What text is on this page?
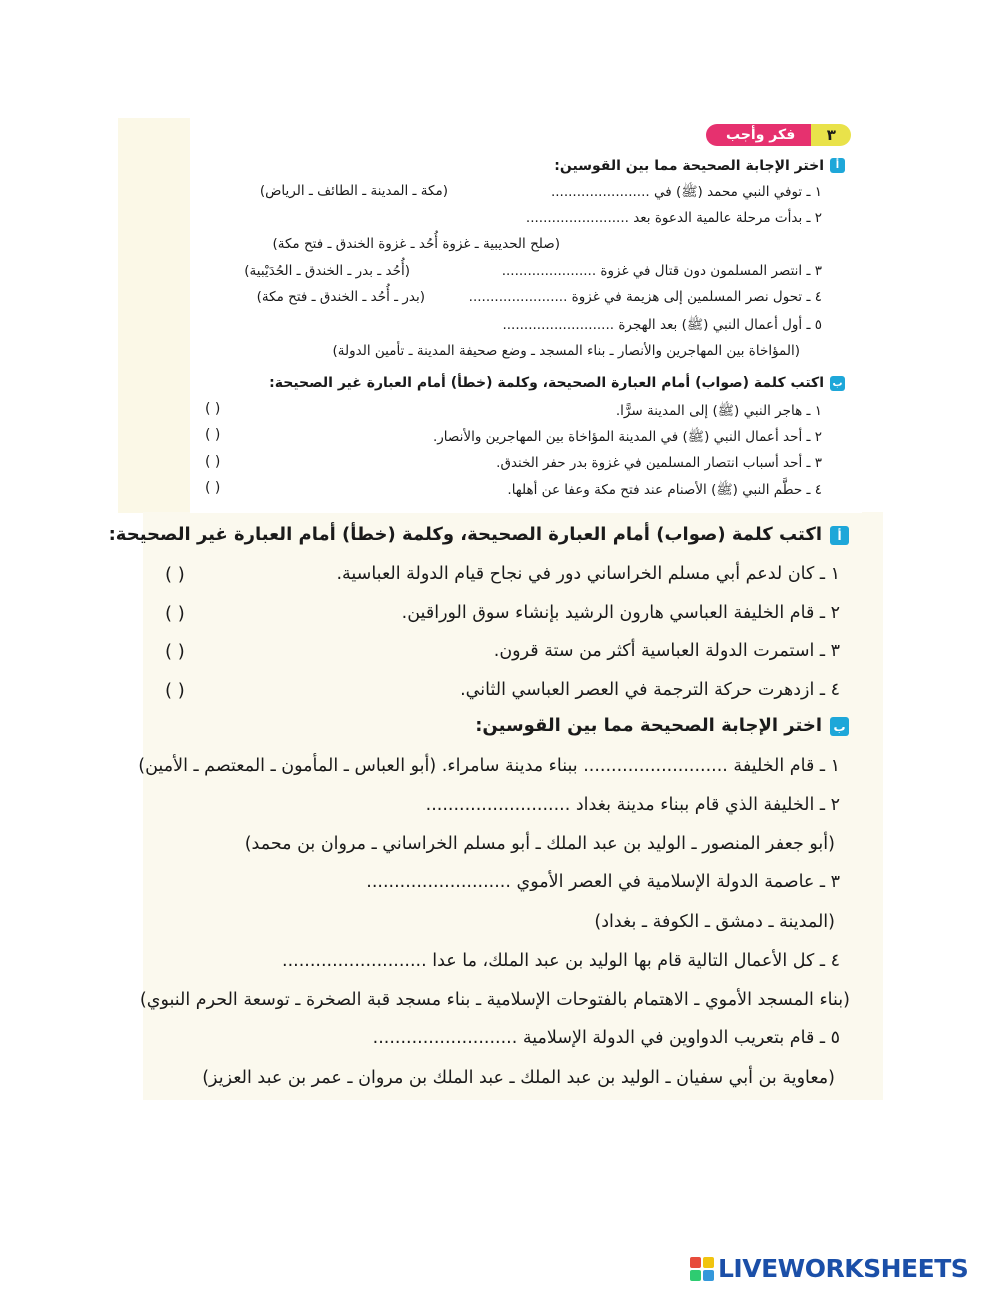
فكر وأجب	٣
أ
اختر الإجابة الصحيحة مما بين القوسين:
١ ـ توفي النبي محمد (ﷺ) في .......................
(مكة ـ المدينة ـ الطائف ـ الرياض)
٢ ـ بدأت مرحلة عالمية الدعوة بعد ........................
(صلح الحديبية ـ غزوة أُحُد ـ غزوة الخندق ـ فتح مكة)
٣ ـ انتصر المسلمون دون قتال في غزوة ......................
(أُحُد ـ بدر ـ الخندق ـ الحُدَيْبية)
٤ ـ تحول نصر المسلمين إلى هزيمة في غزوة .......................
(بدر ـ أُحُد ـ الخندق ـ فتح مكة)
٥ ـ أول أعمال النبي (ﷺ) بعد الهجرة ..........................
(المؤاخاة بين المهاجرين والأنصار ـ بناء المسجد ـ وضع صحيفة المدينة ـ تأمين الدولة)
ب
اكتب كلمة (صواب) أمام العبارة الصحيحة، وكلمة (خطأ) أمام العبارة غير الصحيحة:
١ ـ هاجر النبي (ﷺ) إلى المدينة سرًّا.
( )
٢ ـ أحد أعمال النبي (ﷺ) في المدينة المؤاخاة بين المهاجرين والأنصار.
( )
٣ ـ أحد أسباب انتصار المسلمين في غزوة بدر حفر الخندق.
( )
٤ ـ حطَّم النبي (ﷺ) الأصنام عند فتح مكة وعفا عن أهلها.
( )
أ
اكتب كلمة (صواب) أمام العبارة الصحيحة، وكلمة (خطأ) أمام العبارة غير الصحيحة:
١ ـ كان لدعم أبي مسلم الخراساني دور في نجاح قيام الدولة العباسية.
( )
٢ ـ قام الخليفة العباسي هارون الرشيد بإنشاء سوق الوراقين.
( )
٣ ـ استمرت الدولة العباسية أكثر من ستة قرون.
( )
٤ ـ ازدهرت حركة الترجمة في العصر العباسي الثاني.
( )
ب
اختر الإجابة الصحيحة مما بين القوسين:
١ ـ قام الخليفة .......................... ببناء مدينة سامراء. (أبو العباس ـ المأمون ـ المعتصم ـ الأمين)
٢ ـ الخليفة الذي قام ببناء مدينة بغداد ..........................
(أبو جعفر المنصور ـ الوليد بن عبد الملك ـ أبو مسلم الخراساني ـ مروان بن محمد)
٣ ـ عاصمة الدولة الإسلامية في العصر الأموي ..........................
(المدينة ـ دمشق ـ الكوفة ـ بغداد)
٤ ـ كل الأعمال التالية قام بها الوليد بن عبد الملك، ما عدا ..........................
(بناء المسجد الأموي ـ الاهتمام بالفتوحات الإسلامية ـ بناء مسجد قبة الصخرة ـ توسعة الحرم النبوي)
٥ ـ قام بتعريب الدواوين في الدولة الإسلامية ..........................
(معاوية بن أبي سفيان ـ الوليد بن عبد الملك ـ عبد الملك بن مروان ـ عمر بن عبد العزيز)
LIVEWORKSHEETS
